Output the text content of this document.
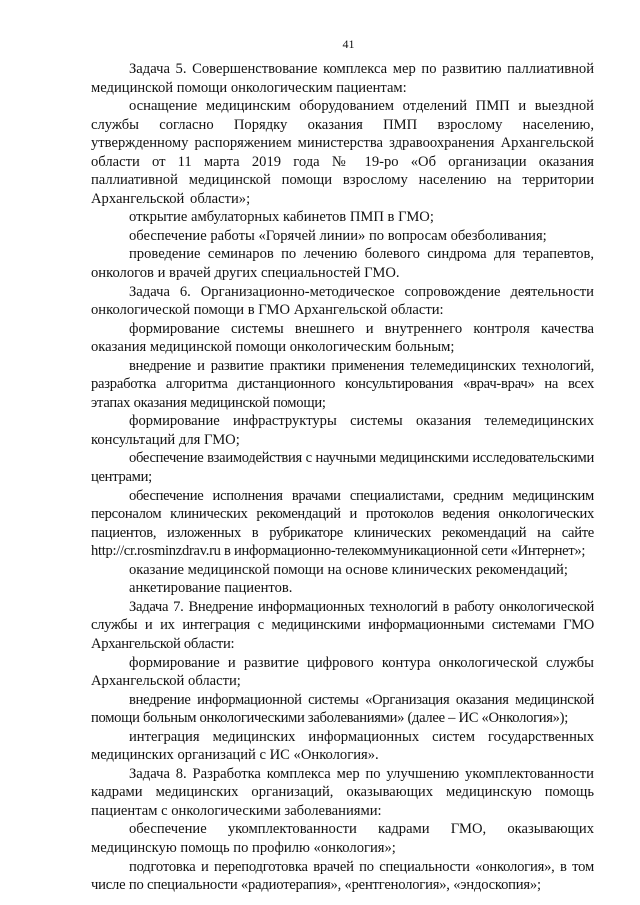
41

Задача 5. Совершенствование комплекса мер по развитию паллиативной медицинской помощи онкологическим пациентам:

оснащение медицинским оборудованием отделений ПМП и выездной службы согласно Порядку оказания ПМП взрослому населению, утвержденному распоряжением министерства здравоохранения Архангельской области от 11 марта 2019 года № 19-ро «Об организации оказания паллиативной медицинской помощи взрослому населению на территории Архангельской области»;

открытие амбулаторных кабинетов ПМП в ГМО;

обеспечение работы «Горячей линии» по вопросам обезболивания;

проведение семинаров по лечению болевого синдрома для терапевтов, онкологов и врачей других специальностей ГМО.

Задача 6. Организационно-методическое сопровождение деятельности онкологической помощи в ГМО Архангельской области:

формирование системы внешнего и внутреннего контроля качества оказания медицинской помощи онкологическим больным;

внедрение и развитие практики применения телемедицинских технологий, разработка алгоритма дистанционного консультирования «врач-врач» на всех этапах оказания медицинской помощи;

формирование инфраструктуры системы оказания телемедицинских консультаций для ГМО;

обеспечение взаимодействия с научными медицинскими исследовательскими центрами;

обеспечение исполнения врачами специалистами, средним медицинским персоналом клинических рекомендаций и протоколов ведения онкологических пациентов, изложенных в рубрикаторе клинических рекомендаций на сайте http://cr.rosminzdrav.ru в информационно-телекоммуникационной сети «Интернет»;

оказание медицинской помощи на основе клинических рекомендаций;

анкетирование пациентов.

Задача 7. Внедрение информационных технологий в работу онкологической службы и их интеграция с медицинскими информационными системами ГМО Архангельской области:

формирование и развитие цифрового контура онкологической службы Архангельской области;

внедрение информационной системы «Организация оказания медицинской помощи больным онкологическими заболеваниями» (далее – ИС «Онкология»);

интеграция медицинских информационных систем государственных медицинских организаций с ИС «Онкология».

Задача 8. Разработка комплекса мер по улучшению укомплектованности кадрами медицинских организаций, оказывающих медицинскую помощь пациентам с онкологическими заболеваниями:

обеспечение укомплектованности кадрами ГМО, оказывающих медицинскую помощь по профилю «онкология»;

подготовка и переподготовка врачей по специальности «онкология», в том числе по специальности «радиотерапия», «рентгенология», «эндоскопия»;
